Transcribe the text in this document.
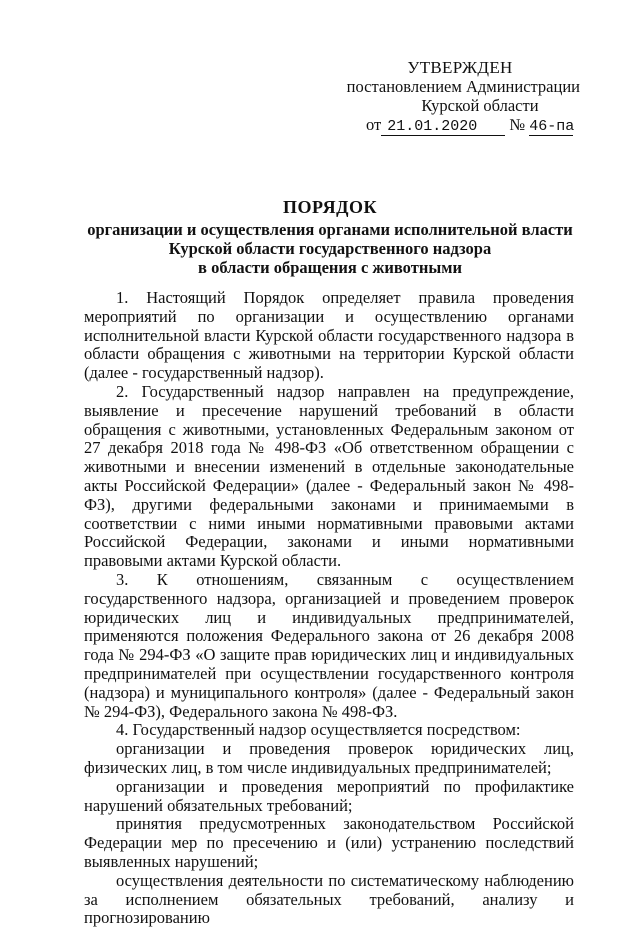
УТВЕРЖДЕН
постановлением Администрации
Курской области
от 21.01.2020 № 46-па
ПОРЯДОК
организации и осуществления органами исполнительной власти
Курской области государственного надзора
в области обращения с животными

1. Настоящий Порядок определяет правила проведения мероприятий по организации и осуществлению органами исполнительной власти Курской области государственного надзора в области обращения с животными на территории Курской области (далее - государственный надзор).

2. Государственный надзор направлен на предупреждение, выявление и пресечение нарушений требований в области обращения с животными, установленных Федеральным законом от 27 декабря 2018 года № 498-ФЗ «Об ответственном обращении с животными и внесении изменений в отдельные законодательные акты Российской Федерации» (далее - Федеральный закон № 498-ФЗ), другими федеральными законами и принимаемыми в соответствии с ними иными нормативными правовыми актами Российской Федерации, законами и иными нормативными правовыми актами Курской области.

3. К отношениям, связанным с осуществлением государственного надзора, организацией и проведением проверок юридических лиц и индивидуальных предпринимателей, применяются положения Федерального закона от 26 декабря 2008 года № 294-ФЗ «О защите прав юридических лиц и индивидуальных предпринимателей при осуществлении государственного контроля (надзора) и муниципального контроля» (далее - Федеральный закон № 294-ФЗ), Федерального закона № 498-ФЗ.

4. Государственный надзор осуществляется посредством:

организации и проведения проверок юридических лиц, физических лиц, в том числе индивидуальных предпринимателей;

организации и проведения мероприятий по профилактике нарушений обязательных требований;

принятия предусмотренных законодательством Российской Федерации мер по пресечению и (или) устранению последствий выявленных нарушений;

осуществления деятельности по систематическому наблюдению за исполнением обязательных требований, анализу и прогнозированию
